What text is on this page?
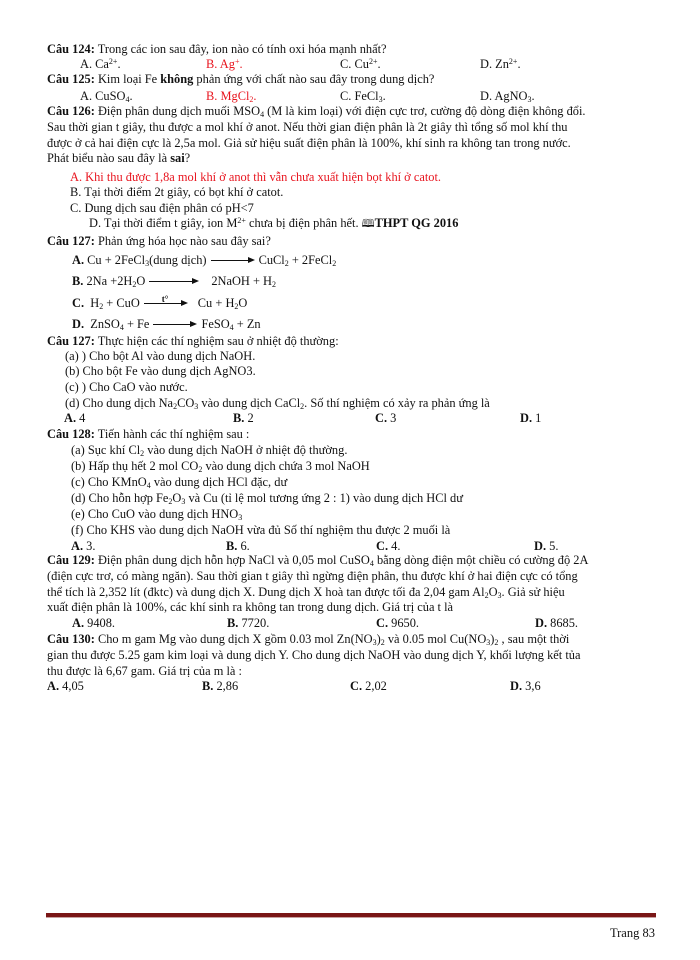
Câu 124: Trong các ion sau đây, ion nào có tính oxi hóa mạnh nhất?
A. $Ca^{2+}$.	B. Ag+.	C. $Cu^{2+}$.	D. $Zn^{2+}$.
Câu 125: Kim loại Fe không phản ứng với chất nào sau đây trong dung dịch?
A. CuSO$_4$.	B. MgCl$_2$.	C. FeCl$_3$.	D. AgNO$_3$.
Câu 126: Điện phân dung dịch muối $MSO_4$ (M là kim loại) với điện cực trơ, cường độ dòng điện không đổi.
Sau thời gian t giây, thu được a mol khí ở anot. Nếu thời gian điện phân là 2t giây thì tổng số mol khí thu
được ở cả hai điện cực là 2,5a mol. Giả sử hiệu suất điện phân là 100%, khí sinh ra không tan trong nước.
Phát biểu nào sau đây là sai?
A. Khi thu được 1,8a mol khí ở anot thì vẫn chưa xuất hiện bọt khí ở catot.
B. Tại thời điểm 2t giây, có bọt khí ở catot.
C. Dung dịch sau điện phân có pH<7
D. Tại thời điểm t giây, ion $M^{2+}$ chưa bị điện phân hết. 🕮THPT QG 2016
Câu 127: Phản ứng hóa học nào sau đây sai?
A. Cu + 2FeCl$_3$(dung dịch)	CuCl$_2$ + 2FeCl$_2$
B. $2Na +2H_2O$	2NaOH + $H_2$
C. $H_2$ + CuO t° $Cu + H_2O$
D. ZnSO$_4$ + Fe	FeSO$_4$ + Zn
Câu 127: Thực hiện các thí nghiệm sau ở nhiệt độ thường:
(a) ) Cho bột Al vào dung dịch NaOH.
(b) Cho bột Fe vào dung dịch AgNO3.
(c) ) Cho CaO vào nước.
(d) Cho dung dịch $Na_2CO_3$ vào dung dịch CaCl$_2$. Số thí nghiệm có xảy ra phản ứng là
A. 4	B. 2	C. 3	D. 1
Câu 128: Tiến hành các thí nghiệm sau :
(a) Sục khí $Cl_2$ vào dung dịch NaOH ở nhiệt độ thường.
(b) Hấp thụ hết 2 mol $CO_2$ vào dung dịch chứa 3 mol NaOH
(c) Cho KMnO$_4$ vào dung dịch HCl đặc, dư
(d) Cho hỗn hợp $Fe_2O_3$ và Cu (tỉ lệ mol tương ứng 2 : 1) vào dung dịch HCl dư
(e) Cho CuO vào dung dịch $HNO_3$
(f) Cho KHS vào dung dịch NaOH vừa đủ Số thí nghiệm thu được 2 muối là
A. 3.	B. 6.	C. 4.	D. 5.
Câu 129: Điện phân dung dịch hỗn hợp NaCl và 0,05 mol CuSO$_4$ bằng dòng điện một chiều có cường độ 2A
(điện cực trơ, có màng ngăn). Sau thời gian t giây thì ngừng điện phân, thu được khí ở hai điện cực có tổng
thể tích là 2,352 lít (đktc) và dung dịch X. Dung dịch X hoà tan được tối đa 2,04 gam $Al_2O_3$. Giả sử hiệu
xuất điện phân là 100%, các khí sinh ra không tan trong dung dịch. Giá trị của t là
A. 9408.	B. 7720.	C. 9650.	D. 8685.
Câu 130: Cho m gam Mg vào dung dịch X gồm 0.03 mol $Zn(NO_3)_2$ và 0.05 mol $Cu(NO_3)_2$ , sau một thời
gian thu được 5.25 gam kim loại và dung dịch Y. Cho dung dịch NaOH vào dung dịch Y, khối lượng kết tủa
thu được là 6,67 gam. Giá trị của m là :
A. 4,05	B. 2,86	C. 2,02	D. 3,6
Trang 83
